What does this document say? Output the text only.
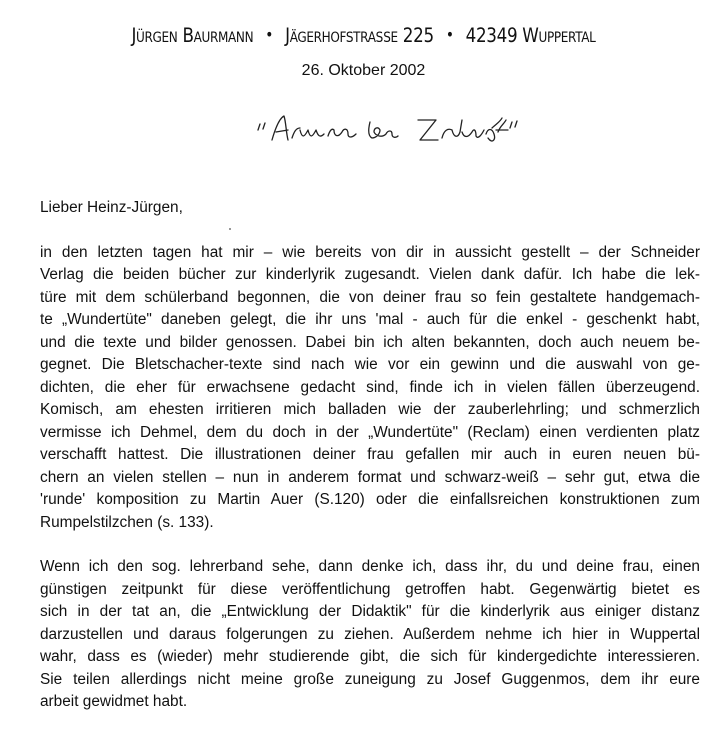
Jürgen Baurmann • Jägerhofstraße 225 • 42349 Wuppertal
26. Oktober 2002
Lieber Heinz-Jürgen,
in den letzten tagen hat mir – wie bereits von dir in aussicht gestellt – der Schneider
Verlag die beiden bücher zur kinderlyrik zugesandt. Vielen dank dafür. Ich habe die lek-
türe mit dem schülerband begonnen, die von deiner frau so fein gestaltete handgemach-
te „Wundertüte" daneben gelegt, die ihr uns 'mal - auch für die enkel - geschenkt habt,
und die texte und bilder genossen. Dabei bin ich alten bekannten, doch auch neuem be-
gegnet. Die Bletschacher-texte sind nach wie vor ein gewinn und die auswahl von ge-
dichten, die eher für erwachsene gedacht sind, finde ich in vielen fällen überzeugend.
Komisch, am ehesten irritieren mich balladen wie der zauberlehrling; und schmerzlich
vermisse ich Dehmel, dem du doch in der „Wundertüte" (Reclam) einen verdienten platz
verschafft hattest. Die illustrationen deiner frau gefallen mir auch in euren neuen bü-
chern an vielen stellen – nun in anderem format und schwarz-weiß – sehr gut, etwa die
'runde' komposition zu Martin Auer (S.120) oder die einfallsreichen konstruktionen zum
Rumpelstilzchen (s. 133).
Wenn ich den sog. lehrerband sehe, dann denke ich, dass ihr, du und deine frau, einen
günstigen zeitpunkt für diese veröffentlichung getroffen habt. Gegenwärtig bietet es
sich in der tat an, die „Entwicklung der Didaktik" für die kinderlyrik aus einiger distanz
darzustellen und daraus folgerungen zu ziehen. Außerdem nehme ich hier in Wuppertal
wahr, dass es (wieder) mehr studierende gibt, die sich für kindergedichte interessieren.
Sie teilen allerdings nicht meine große zuneigung zu Josef Guggenmos, dem ihr eure
arbeit gewidmet habt.
